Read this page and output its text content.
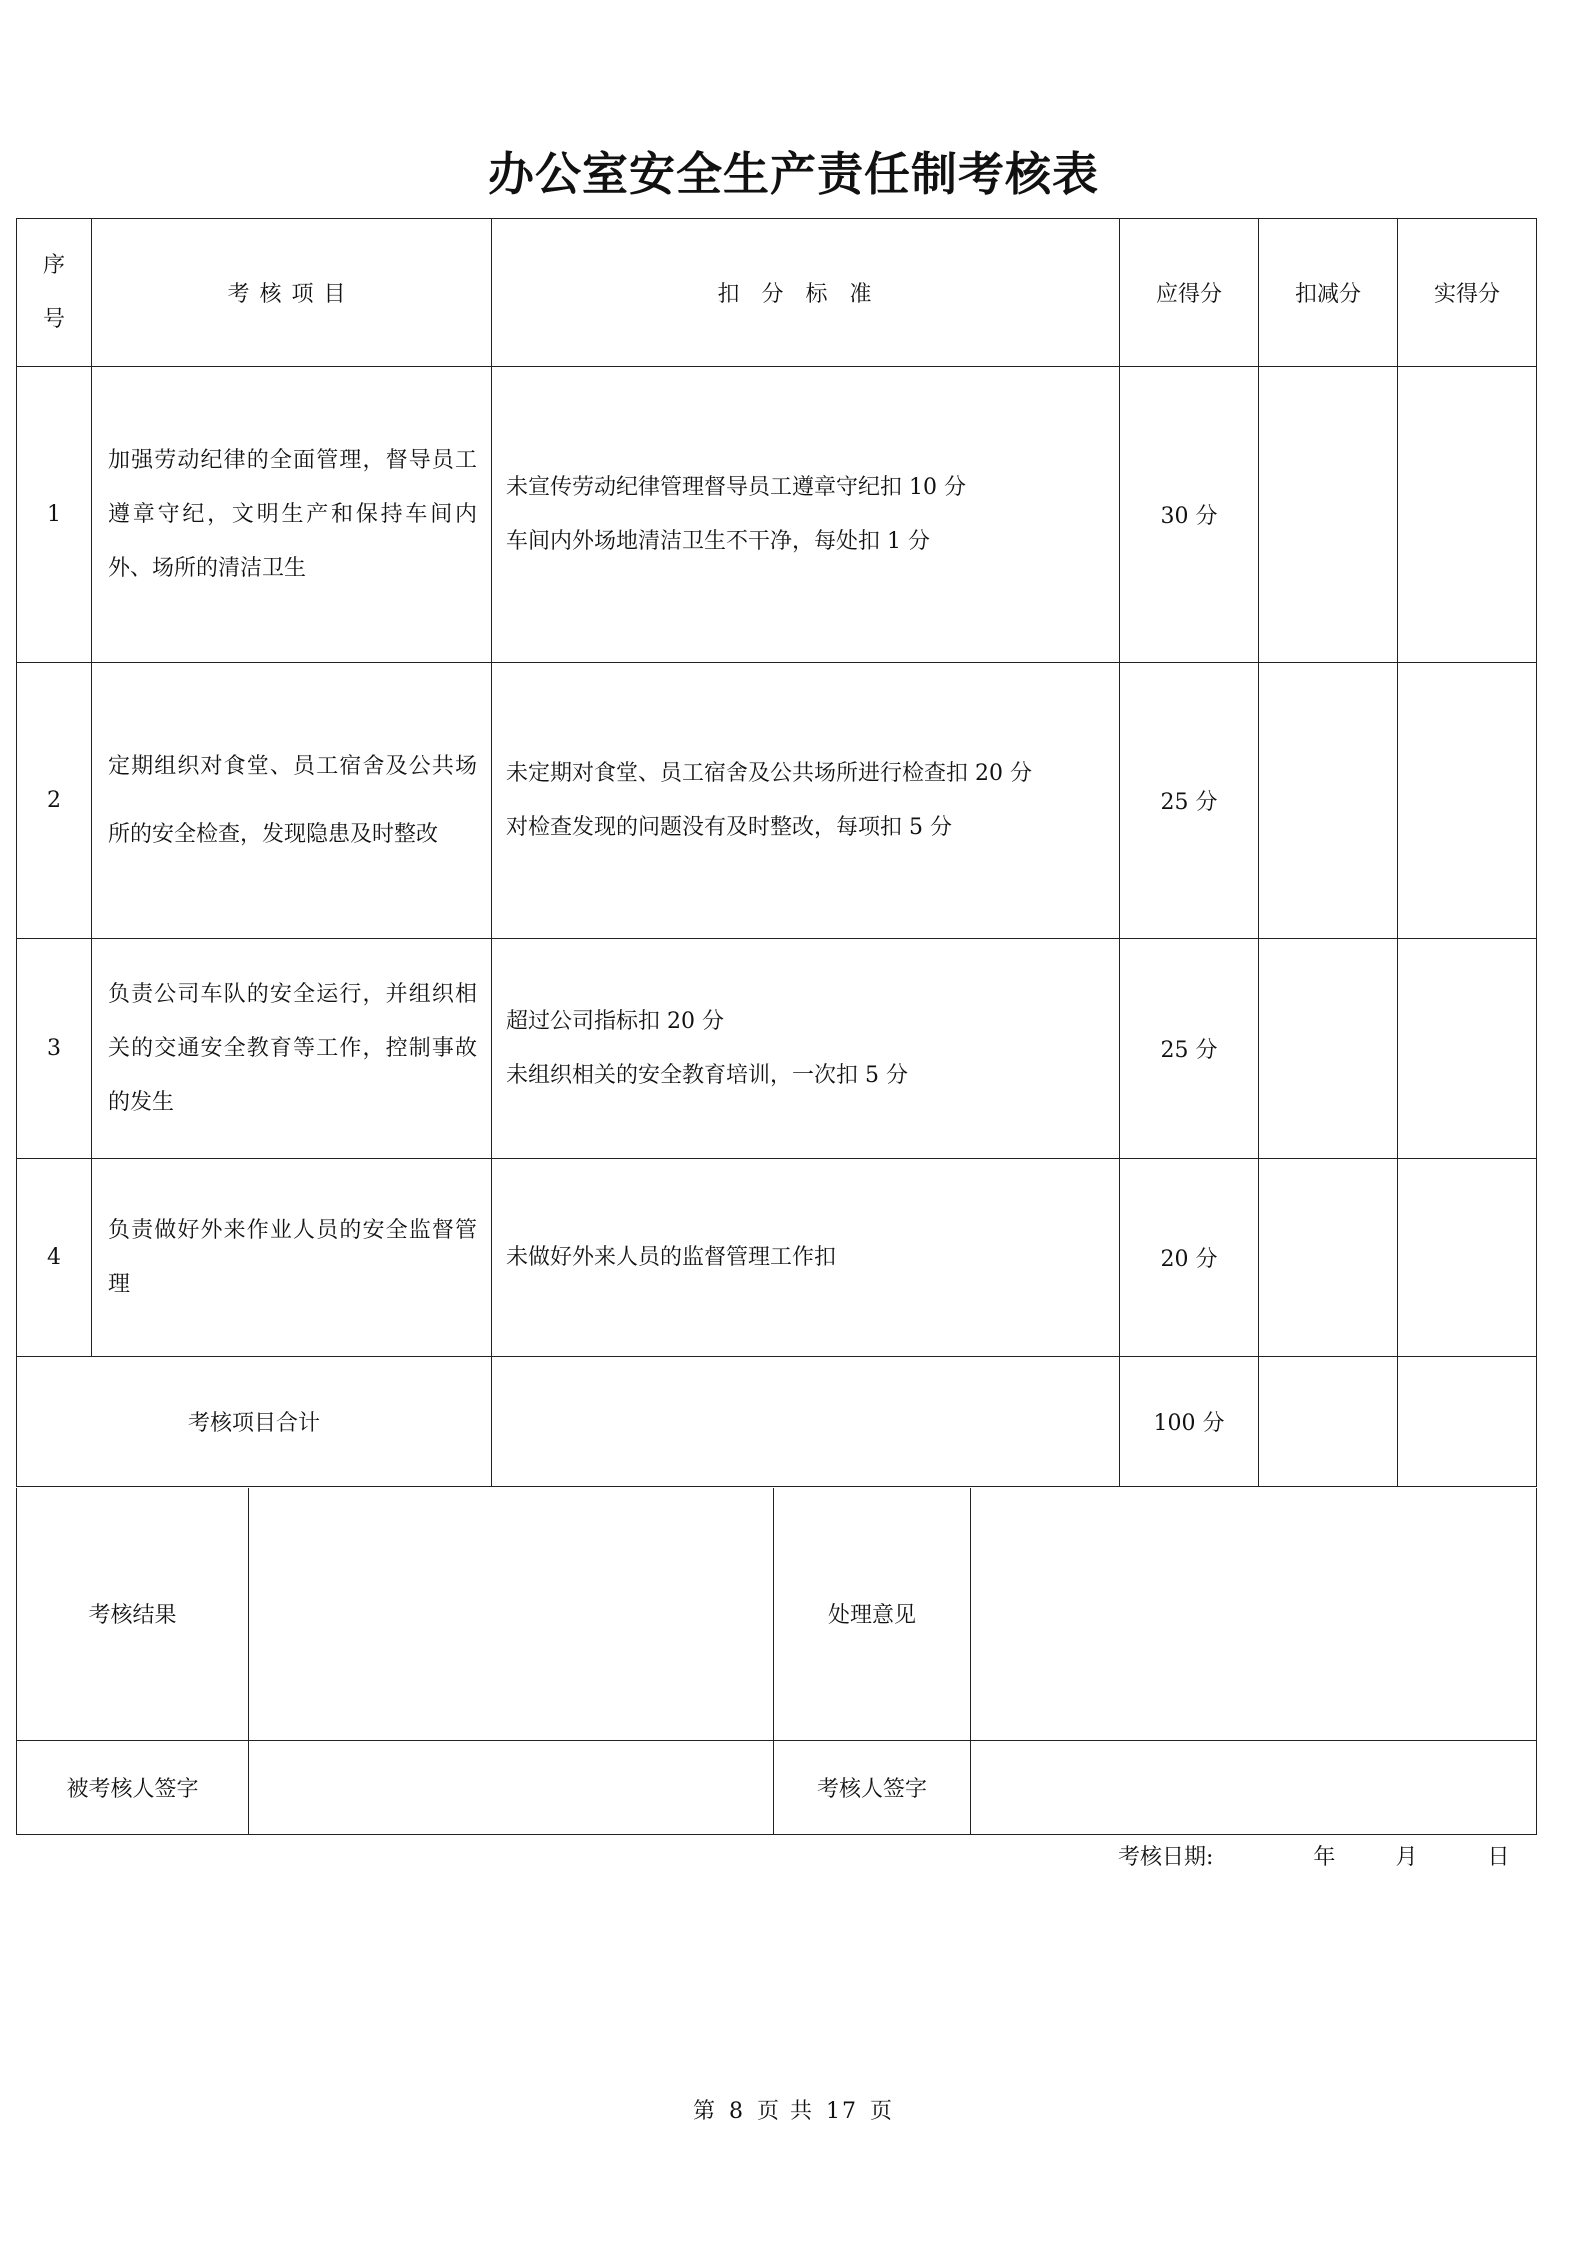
办公室安全生产责任制考核表
序
号	考核项目	扣分标准	应得分	扣减分	实得分
1	加强劳动纪律的全面管理，督导员工遵章守纪，文明生产和保持车间内外、场所的清洁卫生	未宣传劳动纪律管理督导员工遵章守纪扣 10 分
车间内外场地清洁卫生不干净，每处扣 1 分	30 分		
2	定期组织对食堂、员工宿舍及公共场所的安全检查，发现隐患及时整改	未定期对食堂、员工宿舍及公共场所进行检查扣 20 分
对检查发现的问题没有及时整改，每项扣 5 分	25 分		
3	负责公司车队的安全运行，并组织相关的交通安全教育等工作，控制事故的发生	超过公司指标扣 20 分
未组织相关的安全教育培训，一次扣 5 分	25 分		
4	负责做好外来作业人员的安全监督管理	未做好外来人员的监督管理工作扣	20 分		
考核项目合计			100 分		
考核结果		处理意见	
被考核人签字		考核人签字	
考核日期:	年	月	日
第 8 页 共 17 页
